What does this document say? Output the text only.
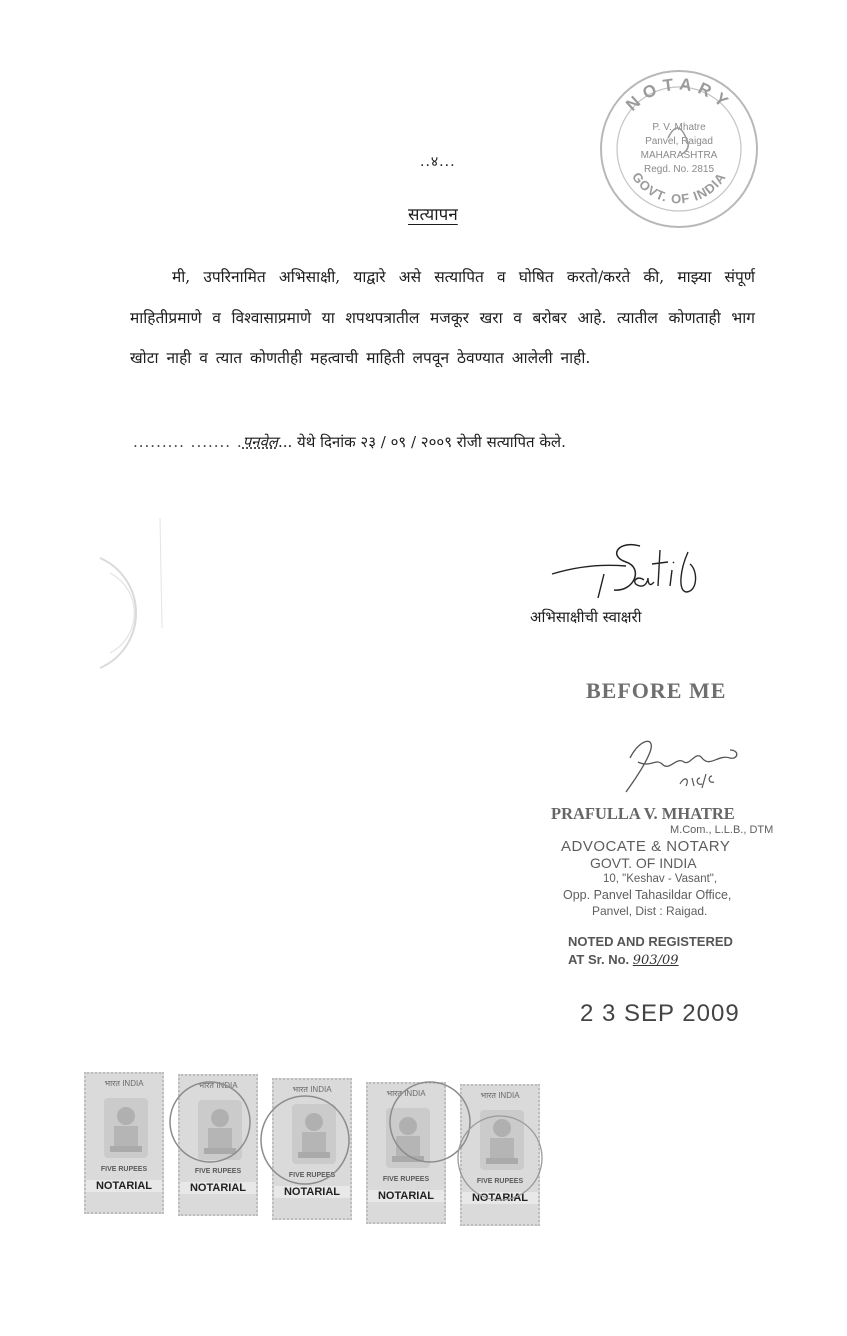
..४...
सत्यापन
मी, उपरिनामित अभिसाक्षी, याद्वारे असे सत्यापित व घोषित करतो/करते की, माझ्या संपूर्ण माहितीप्रमाणे व विश्वासाप्रमाणे या शपथपत्रातील मजकूर खरा व बरोबर आहे. त्यातील कोणताही भाग खोटा नाही व त्यात कोणतीही महत्वाची माहिती लपवून ठेवण्यात आलेली नाही.
......... ....... .पनवेल... येथे दिनांक २३ / ०९ / २००९ रोजी सत्यापित केले.
NOTARY
GOVT. OF INDIA
P. V. Mhatre
Panvel, Raigad
MAHARASHTRA
Regd. No. 2815
अभिसाक्षीची स्वाक्षरी
BEFORE ME
PRAFULLA V. MHATRE
M.Com., L.L.B., DTM
ADVOCATE & NOTARY
GOVT. OF INDIA
10, "Keshav - Vasant",
Opp. Panvel Tahasildar Office,
Panvel, Dist : Raigad.
NOTED AND REGISTERED
AT Sr. No. 903/09
2 3 SEP 2009
भारत INDIA
FIVE RUPEES
NOTARIAL
भारत INDIA
FIVE RUPEES
NOTARIAL
भारत INDIA
FIVE RUPEES
NOTARIAL
भारत INDIA
FIVE RUPEES
NOTARIAL
भारत INDIA
FIVE RUPEES
NOTARIAL
